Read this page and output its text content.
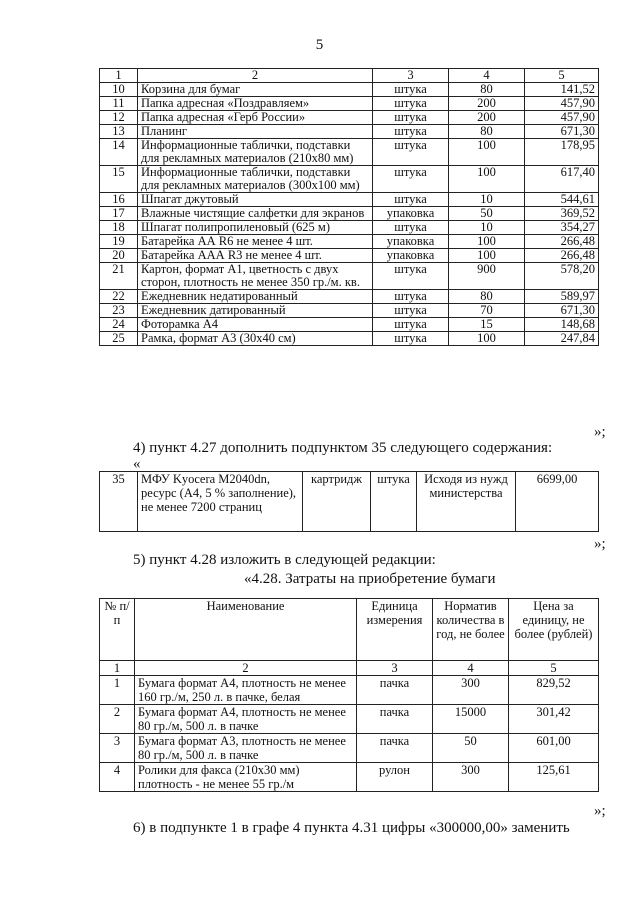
5
1	2	3	4	5
10	Корзина для бумаг	штука	80	141,52
11	Папка адресная «Поздравляем»	штука	200	457,90
12	Папка адресная «Герб России»	штука	200	457,90
13	Планинг	штука	80	671,30
14	Информационные таблички, подставки для рекламных материалов (210x80 мм)	штука	100	178,95
15	Информационные таблички, подставки для рекламных материалов (300x100 мм)	штука	100	617,40
16	Шпагат джутовый	штука	10	544,61
17	Влажные чистящие салфетки для экранов	упаковка	50	369,52
18	Шпагат полипропиленовый (625 м)	штука	10	354,27
19	Батарейка АА R6 не менее 4 шт.	упаковка	100	266,48
20	Батарейка ААА R3 не менее 4 шт.	упаковка	100	266,48
21	Картон, формат А1, цветность с двух сторон, плотность не менее 350 гр./м. кв.	штука	900	578,20
22	Ежедневник недатированный	штука	80	589,97
23	Ежедневник датированный	штука	70	671,30
24	Фоторамка А4	штука	15	148,68
25	Рамка, формат А3 (30x40 см)	штука	100	247,84
»;
4) пункт 4.27 дополнить подпунктом 35 следующего содержания:
«
35	МФУ Kyocera M2040dn, ресурс (А4, 5 % заполнение), не менее 7200 страниц	картридж	штука	Исходя из нужд министерства	6699,00
»;
5) пункт 4.28 изложить в следующей редакции:
«4.28. Затраты на приобретение бумаги
№ п/п	Наименование	Единица измерения	Норматив количества в год, не более	Цена за единицу, не более (рублей)
1	2	3	4	5
1	Бумага формат А4, плотность не менее 160 гр./м, 250 л. в пачке, белая	пачка	300	829,52
2	Бумага формат А4, плотность не менее 80 гр./м, 500 л. в пачке	пачка	15000	301,42
3	Бумага формат А3, плотность не менее 80 гр./м, 500 л. в пачке	пачка	50	601,00
4	Ролики для факса (210x30 мм) плотность - не менее 55 гр./м	рулон	300	125,61
»;
6) в подпункте 1 в графе 4 пункта 4.31 цифры «300000,00» заменить
